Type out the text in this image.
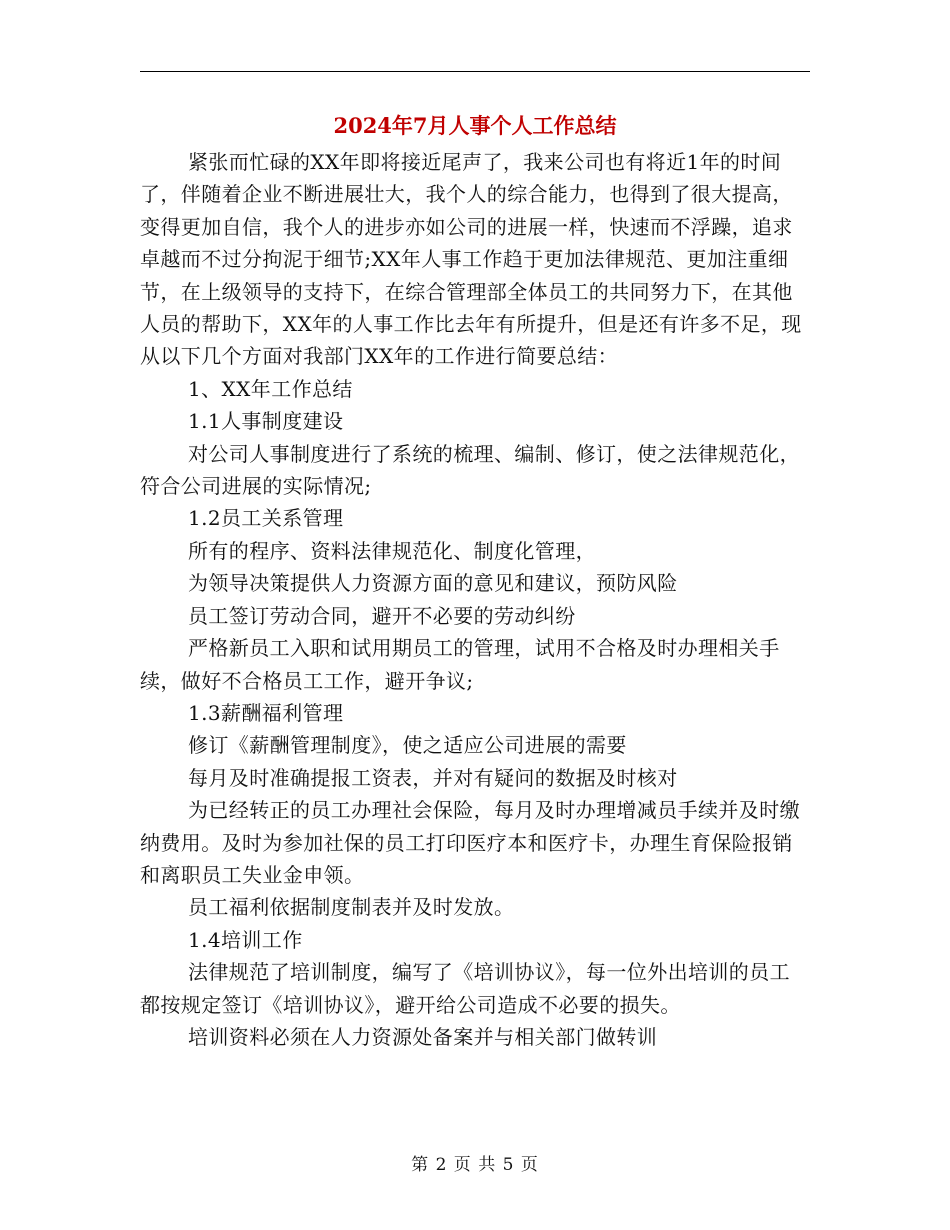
2024年7月人事个人工作总结

紧张而忙碌的XX年即将接近尾声了，我来公司也有将近1年的时间了，伴随着企业不断进展壮大，我个人的综合能力，也得到了很大提高，变得更加自信，我个人的进步亦如公司的进展一样，快速而不浮躁，追求卓越而不过分拘泥于细节;XX年人事工作趋于更加法律规范、更加注重细节，在上级领导的支持下，在综合管理部全体员工的共同努力下，在其他人员的帮助下，XX年的人事工作比去年有所提升，但是还有许多不足，现从以下几个方面对我部门XX年的工作进行简要总结：

1、XX年工作总结

1.1人事制度建设

对公司人事制度进行了系统的梳理、编制、修订，使之法律规范化，符合公司进展的实际情况;

1.2员工关系管理

所有的程序、资料法律规范化、制度化管理，

为领导决策提供人力资源方面的意见和建议，预防风险

员工签订劳动合同，避开不必要的劳动纠纷

严格新员工入职和试用期员工的管理，试用不合格及时办理相关手续，做好不合格员工工作，避开争议;

1.3薪酬福利管理

修订《薪酬管理制度》，使之适应公司进展的需要

每月及时准确提报工资表，并对有疑问的数据及时核对

为已经转正的员工办理社会保险，每月及时办理增减员手续并及时缴纳费用。及时为参加社保的员工打印医疗本和医疗卡，办理生育保险报销和离职员工失业金申领。

员工福利依据制度制表并及时发放。

1.4培训工作

法律规范了培训制度，编写了《培训协议》，每一位外出培训的员工都按规定签订《培训协议》，避开给公司造成不必要的损失。

培训资料必须在人力资源处备案并与相关部门做转训

第 2 页 共 5 页
